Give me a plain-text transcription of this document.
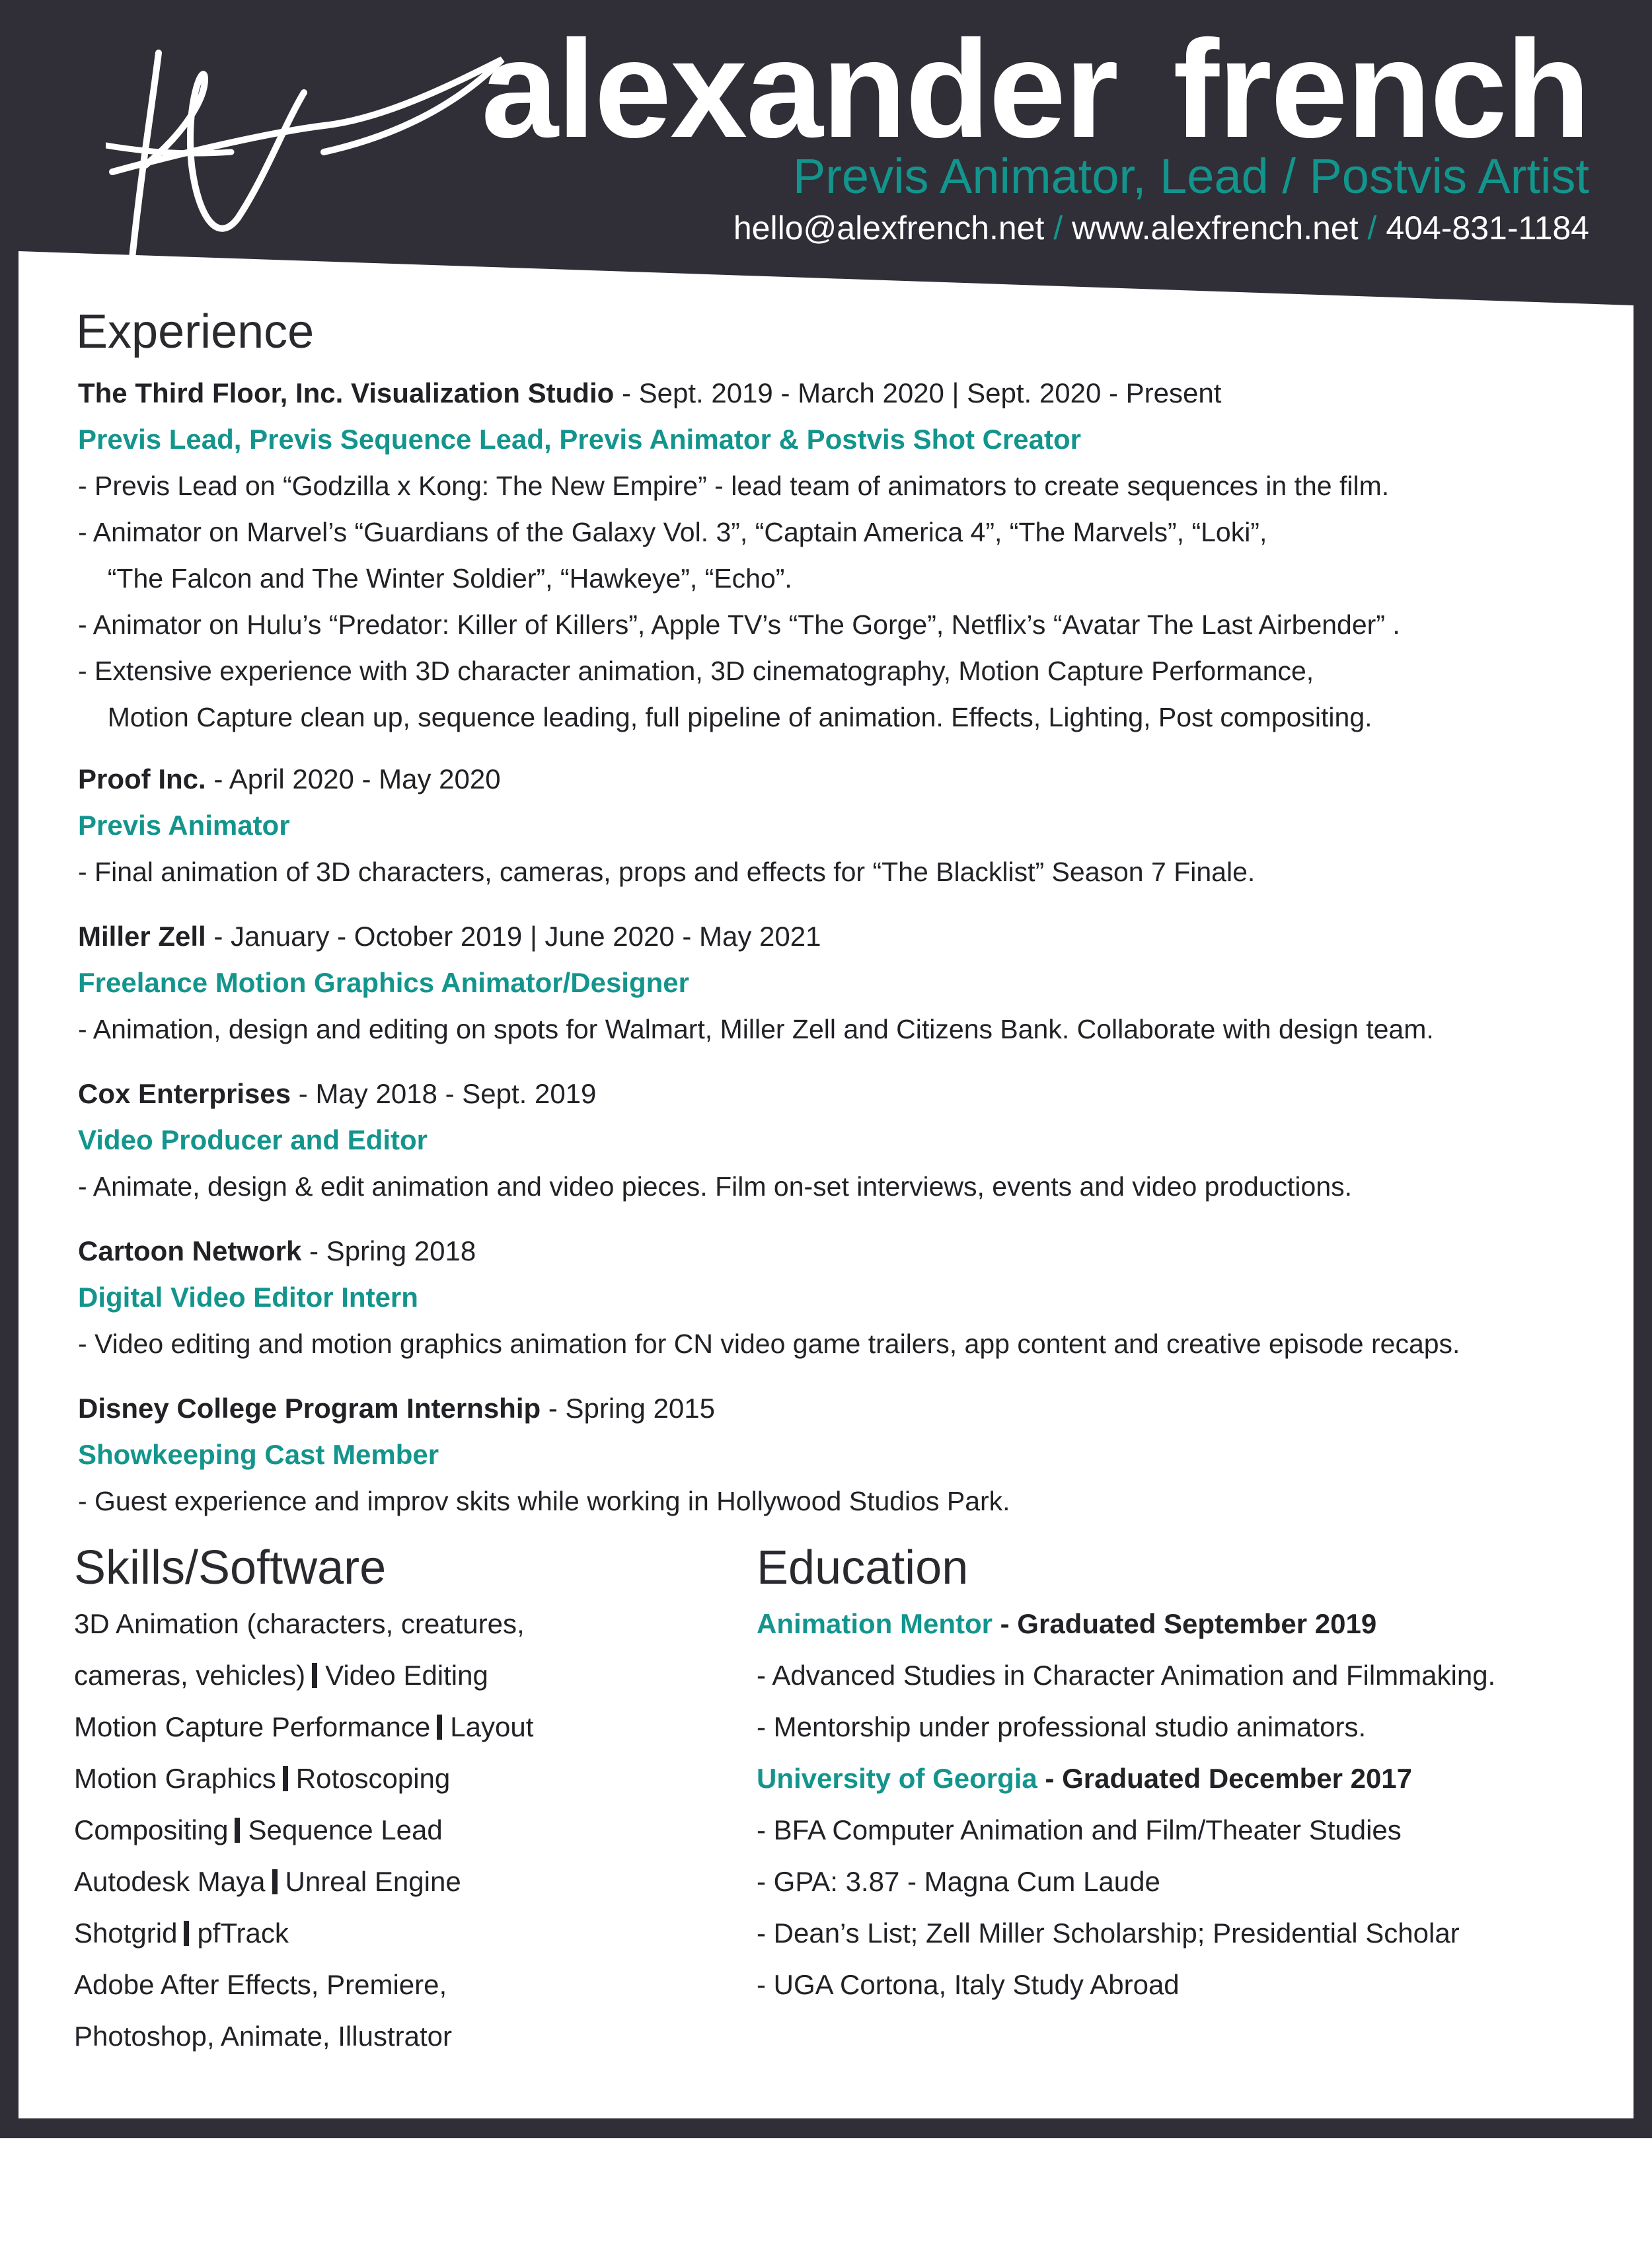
alexander french
Previs Animator, Lead / Postvis Artist
hello@alexfrench.net / www.alexfrench.net / 404-831-1184
Experience
The Third Floor, Inc. Visualization Studio - Sept. 2019 - March 2020 | Sept. 2020 - Present
Previs Lead, Previs Sequence Lead, Previs Animator & Postvis Shot Creator
- Previs Lead on “Godzilla x Kong: The New Empire” - lead team of animators to create sequences in the film.
- Animator on Marvel’s “Guardians of the Galaxy Vol. 3”, “Captain America 4”, “The Marvels”, “Loki”,
“The Falcon and The Winter Soldier”, “Hawkeye”, “Echo”.
- Animator on Hulu’s “Predator: Killer of Killers”, Apple TV’s “The Gorge”, Netflix’s “Avatar The Last Airbender” .
- Extensive experience with 3D character animation, 3D cinematography, Motion Capture Performance,
Motion Capture clean up, sequence leading, full pipeline of animation. Effects, Lighting, Post compositing.
Proof Inc. - April 2020 - May 2020
Previs Animator
- Final animation of 3D characters, cameras, props and effects for “The Blacklist” Season 7 Finale.
Miller Zell - January - October 2019 | June 2020 - May 2021
Freelance Motion Graphics Animator/Designer
- Animation, design and editing on spots for Walmart, Miller Zell and Citizens Bank. Collaborate with design team.
Cox Enterprises - May 2018 - Sept. 2019
Video Producer and Editor
- Animate, design & edit animation and video pieces. Film on-set interviews, events and video productions.
Cartoon Network - Spring 2018
Digital Video Editor Intern
- Video editing and motion graphics animation for CN video game trailers, app content and creative episode recaps.
Disney College Program Internship - Spring 2015
Showkeeping Cast Member
- Guest experience and improv skits while working in Hollywood Studios Park.
Skills/Software
3D Animation (characters, creatures,
cameras, vehicles) Video Editing
Motion Capture Performance Layout
Motion Graphics Rotoscoping
Compositing Sequence Lead
Autodesk Maya Unreal Engine
Shotgrid pfTrack
Adobe After Effects, Premiere,
Photoshop, Animate, Illustrator
Education
Animation Mentor - Graduated September 2019
- Advanced Studies in Character Animation and Filmmaking.
- Mentorship under professional studio animators.
University of Georgia - Graduated December 2017
- BFA Computer Animation and Film/Theater Studies
- GPA: 3.87 - Magna Cum Laude
- Dean’s List; Zell Miller Scholarship; Presidential Scholar
- UGA Cortona, Italy Study Abroad
